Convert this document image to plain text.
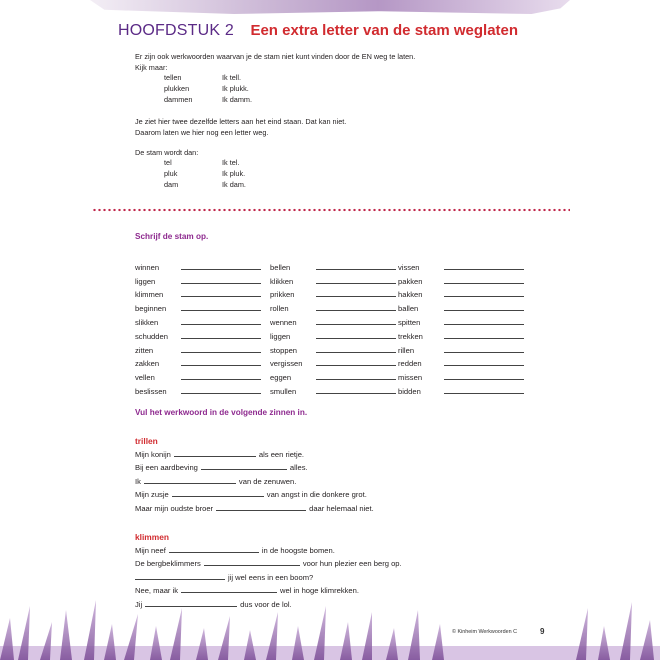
HOOFDSTUK 2 Een extra letter van de stam weglaten

Er zijn ook werkwoorden waarvan je de stam niet kunt vinden door de EN weg te laten.

Kijk maar:

tellen	Ik tell.
plukken	Ik plukk.
dammen	Ik damm.

Je ziet hier twee dezelfde letters aan het eind staan. Dat kan niet.

Daarom laten we hier nog een letter weg.

De stam wordt dan:

tel	Ik tel.
pluk	Ik pluk.
dam	Ik dam.
Schrijf de stam op.
winnen	bellen	vissen
liggen	klikken	pakken
klimmen	prikken	hakken
beginnen	rollen	ballen
slikken	wennen	spitten
schudden	liggen	trekken
zitten	stoppen	rillen
zakken	vergissen	redden
vellen	eggen	missen
beslissen	smullen	bidden
Vul het werkwoord in de volgende zinnen in.
trillen
Mijn konijn	als een rietje.
Bij een aardbeving	alles.
Ik	van de zenuwen.
Mijn zusje	van angst in die donkere grot.
Maar mijn oudste broer	daar helemaal niet.
klimmen
Mijn neef	in de hoogste bomen.
De bergbeklimmers	voor hun plezier een berg op.
jij wel eens in een boom?
Nee, maar ik	wel in hoge klimrekken.
Jij	dus voor de lol.
© Kinheim Werkwoorden C	9
